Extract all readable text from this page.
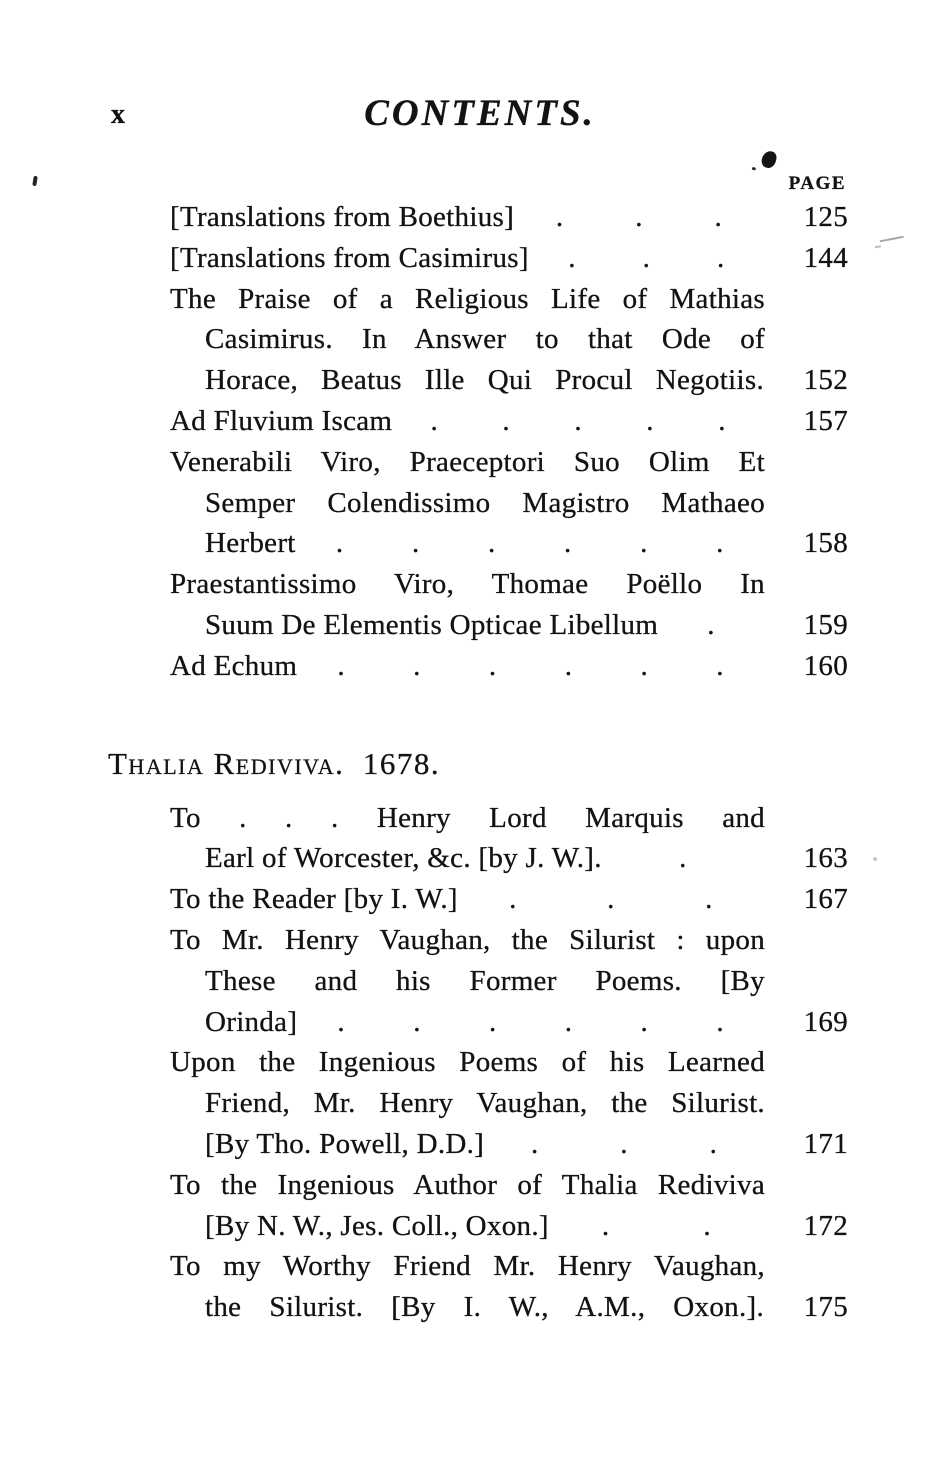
x	CONTENTS.
PAGE
[Translations from Boethius] . . .	125
[Translations from Casimirus] . . .	144
The Praise of a Religious Life of Mathias
Casimirus. In Answer to that Ode of
Horace, Beatus Ille Qui Procul Negotiis.	152
Ad Fluvium Iscam . . . . .	157
Venerabili Viro, Praeceptori Suo Olim Et
Semper Colendissimo Magistro Mathaeo
Herbert . . . . . .	158
Praestantissimo Viro, Thomae Poëllo In
Suum De Elementis Opticae Libellum .	159
Ad Echum . . . . . .	160
Thalia Rediviva.  1678.
To . . . Henry Lord Marquis and
Earl of Worcester, &c. [by J. W.].	.	163
To the Reader [by I. W.] .	.	.	167
To Mr. Henry Vaughan, the Silurist : upon
These and his Former Poems. [By
Orinda] . . . . . .	169
Upon the Ingenious Poems of his Learned
Friend, Mr. Henry Vaughan, the Silurist.
[By Tho. Powell, D.D.] .	.	.	171
To the Ingenious Author of Thalia Rediviva
[By N. W., Jes. Coll., Oxon.] .	.	172
To my Worthy Friend Mr. Henry Vaughan,
the Silurist. [By I. W., A.M., Oxon.].	175
